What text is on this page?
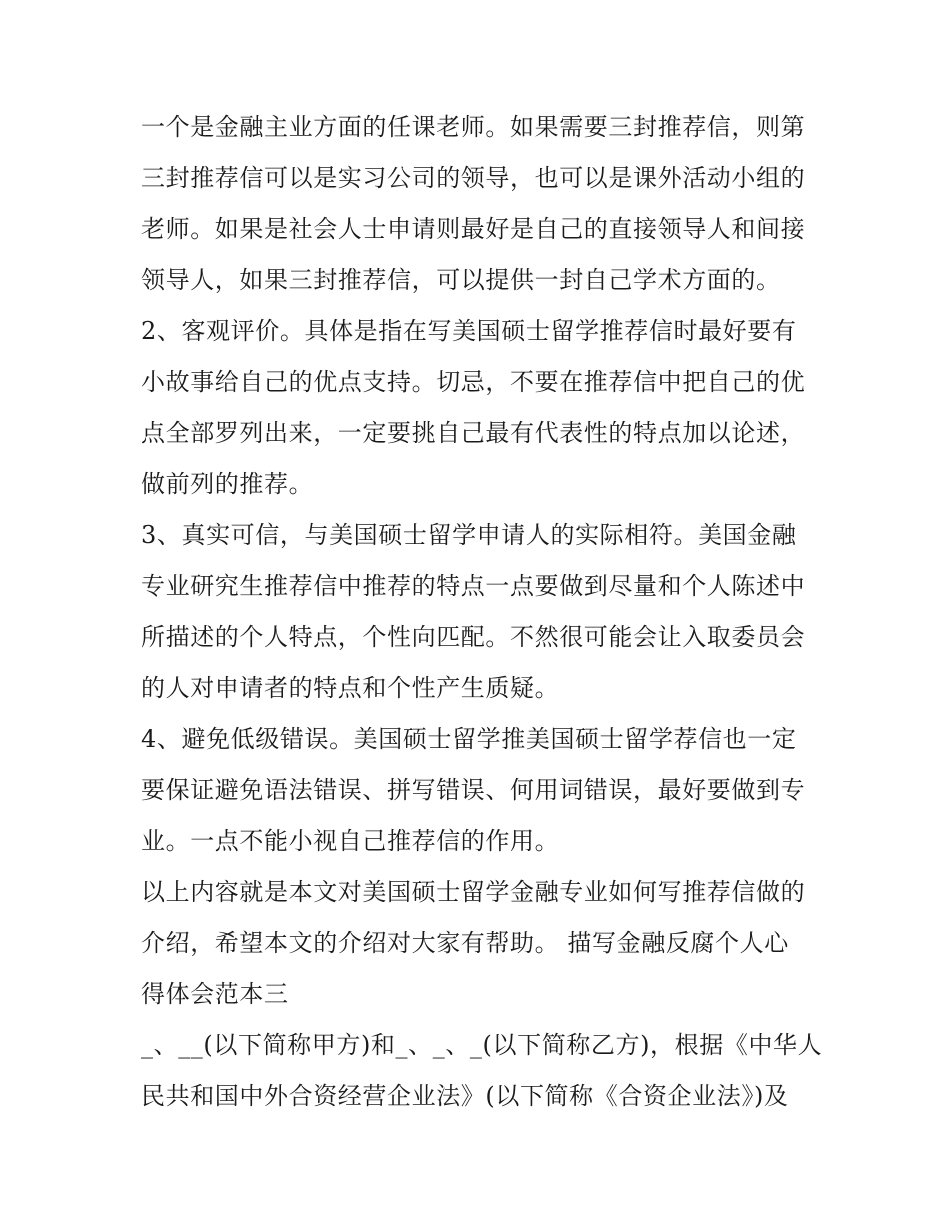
一个是金融主业方面的任课老师。如果需要三封推荐信，则第
三封推荐信可以是实习公司的领导，也可以是课外活动小组的
老师。如果是社会人士申请则最好是自己的直接领导人和间接
领导人，如果三封推荐信，可以提供一封自己学术方面的。
2、客观评价。具体是指在写美国硕士留学推荐信时最好要有
小故事给自己的优点支持。切忌，不要在推荐信中把自己的优
点全部罗列出来，一定要挑自己最有代表性的特点加以论述，
做前列的推荐。
3、真实可信，与美国硕士留学申请人的实际相符。美国金融
专业研究生推荐信中推荐的特点一点要做到尽量和个人陈述中
所描述的个人特点，个性向匹配。不然很可能会让入取委员会
的人对申请者的特点和个性产生质疑。
4、避免低级错误。美国硕士留学推美国硕士留学荐信也一定
要保证避免语法错误、拼写错误、何用词错误，最好要做到专
业。一点不能小视自己推荐信的作用。
以上内容就是本文对美国硕士留学金融专业如何写推荐信做的
介绍，希望本文的介绍对大家有帮助。 描写金融反腐个人心
得体会范本三
_、__(以下简称甲方)和_、_、_(以下简称乙方)，根据《中华人
民共和国中外合资经营企业法》(以下简称《合资企业法》)及
